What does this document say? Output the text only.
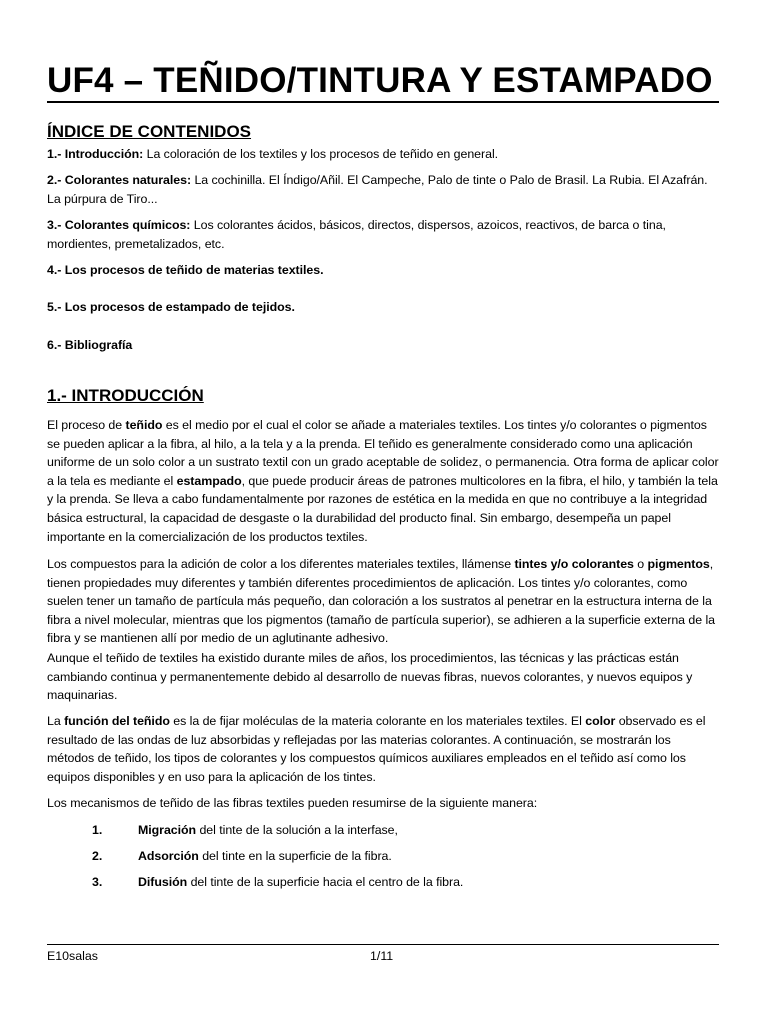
UF4 – TEÑIDO/TINTURA Y ESTAMPADO
ÍNDICE DE CONTENIDOS

1.- Introducción: La coloración de los textiles y los procesos de teñido en general.

2.- Colorantes naturales: La cochinilla. El Índigo/Añil. El Campeche, Palo de tinte o Palo de Brasil. La Rubia. El Azafrán. La púrpura de Tiro...

3.- Colorantes químicos: Los colorantes ácidos, básicos, directos, dispersos, azoicos, reactivos, de barca o tina, mordientes, premetalizados, etc.

4.- Los procesos de teñido de materias textiles.

5.- Los procesos de estampado de tejidos.

6.- Bibliografía

1.- INTRODUCCIÓN

El proceso de teñido es el medio por el cual el color se añade a materiales textiles. Los tintes y/o colorantes o pigmentos se pueden aplicar a la fibra, al hilo, a la tela y a la prenda. El teñido es generalmente considerado como una aplicación uniforme de un solo color a un sustrato textil con un grado aceptable de solidez, o permanencia. Otra forma de aplicar color a la tela es mediante el estampado, que puede producir áreas de patrones multicolores en la fibra, el hilo, y también la tela y la prenda. Se lleva a cabo fundamentalmente por razones de estética en la medida en que no contribuye a la integridad básica estructural, la capacidad de desgaste o la durabilidad del producto final. Sin embargo, desempeña un papel importante en la comercialización de los productos textiles.

Los compuestos para la adición de color a los diferentes materiales textiles, llámense tintes y/o colorantes o pigmentos, tienen propiedades muy diferentes y también diferentes procedimientos de aplicación. Los tintes y/o colorantes, como suelen tener un tamaño de partícula más pequeño, dan coloración a los sustratos al penetrar en la estructura interna de la fibra a nivel molecular, mientras que los pigmentos (tamaño de partícula superior), se adhieren a la superficie externa de la fibra y se mantienen allí por medio de un aglutinante adhesivo.

Aunque el teñido de textiles ha existido durante miles de años, los procedimientos, las técnicas y las prácticas están cambiando continua y permanentemente debido al desarrollo de nuevas fibras, nuevos colorantes, y nuevos equipos y maquinarias.

La función del teñido es la de fijar moléculas de la materia colorante en los materiales textiles. El color observado es el resultado de las ondas de luz absorbidas y reflejadas por las materias colorantes. A continuación, se mostrarán los métodos de teñido, los tipos de colorantes y los compuestos químicos auxiliares empleados en el teñido así como los equipos disponibles y en uso para la aplicación de los tintes.

Los mecanismos de teñido de las fibras textiles pueden resumirse de la siguiente manera:

1.	Migración del tinte de la solución a la interfase,

2.	Adsorción del tinte en la superficie de la fibra.

3.	Difusión del tinte de la superficie hacia el centro de la fibra.

E10salas	1/11
